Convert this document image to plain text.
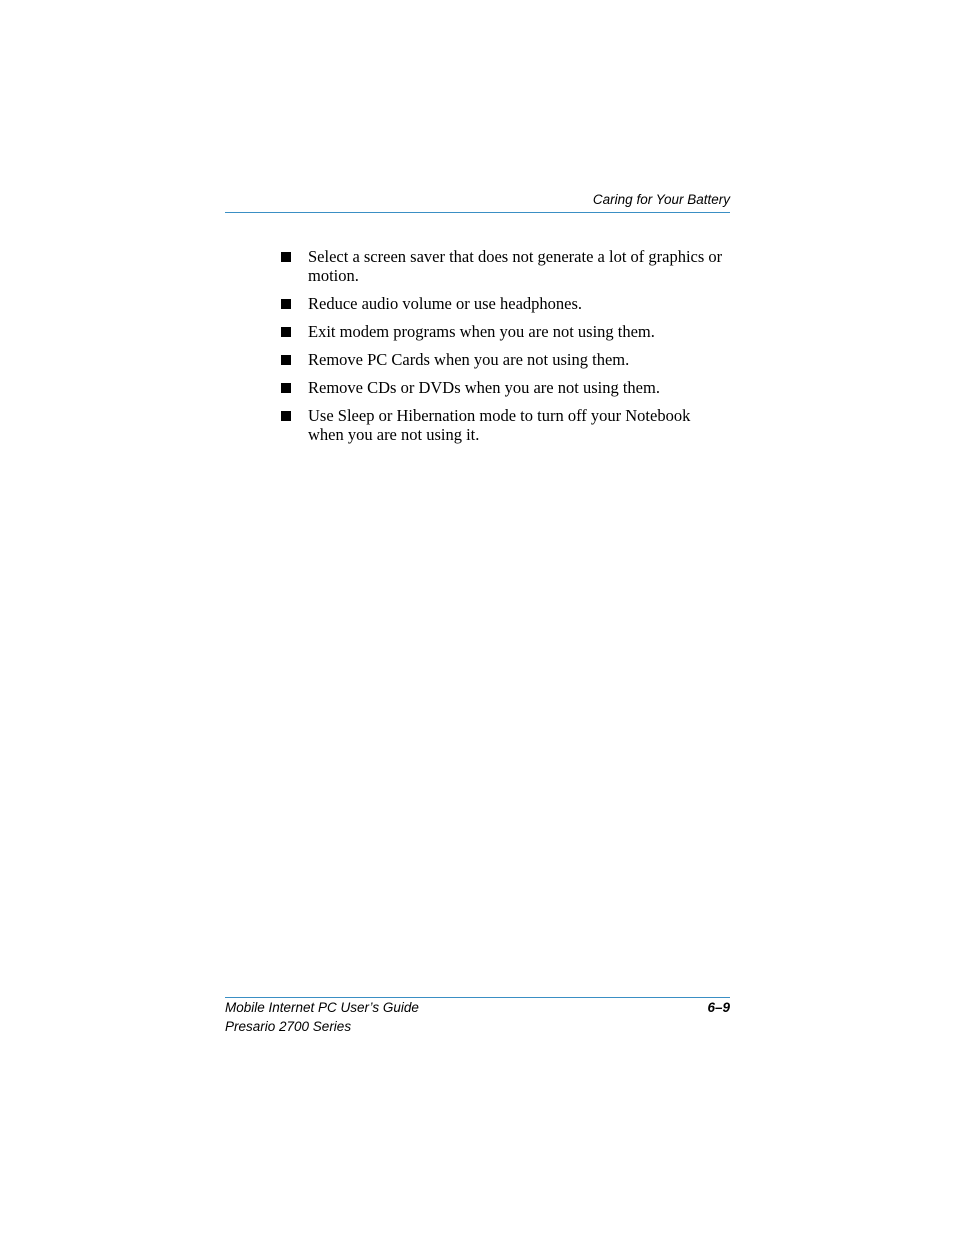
Caring for Your Battery
Select a screen saver that does not generate a lot of graphics or motion.
Reduce audio volume or use headphones.
Exit modem programs when you are not using them.
Remove PC Cards when you are not using them.
Remove CDs or DVDs when you are not using them.
Use Sleep or Hibernation mode to turn off your Notebook when you are not using it.
Mobile Internet PC User’s Guide	6–9
Presario 2700 Series
